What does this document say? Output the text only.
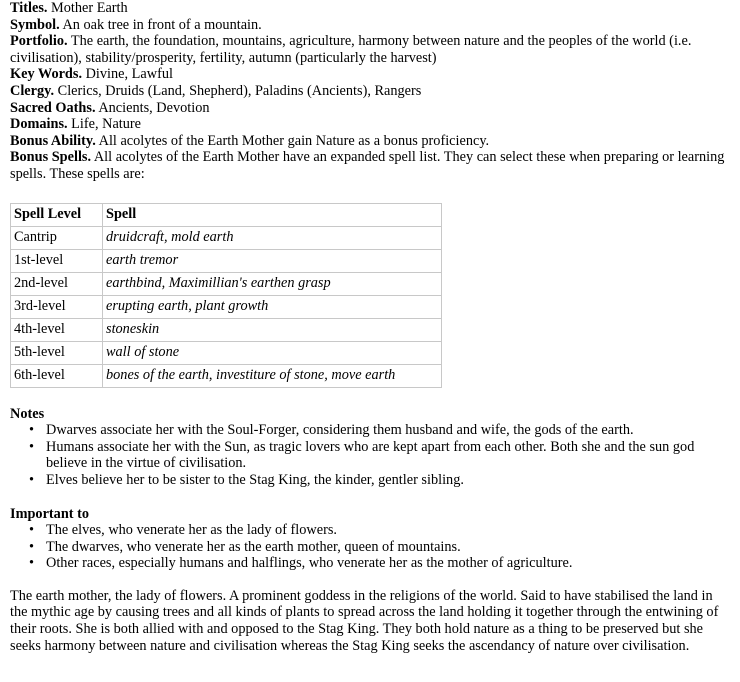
Titles. Mother Earth
Symbol. An oak tree in front of a mountain.
Portfolio. The earth, the foundation, mountains, agriculture, harmony between nature and the peoples of the world (i.e. civilisation), stability/prosperity, fertility, autumn (particularly the harvest)
Key Words. Divine, Lawful
Clergy. Clerics, Druids (Land, Shepherd), Paladins (Ancients), Rangers
Sacred Oaths. Ancients, Devotion
Domains. Life, Nature
Bonus Ability. All acolytes of the Earth Mother gain Nature as a bonus proficiency.
Bonus Spells. All acolytes of the Earth Mother have an expanded spell list. They can select these when preparing or learning spells. These spells are:
Spell Level	Spell
Cantrip	druidcraft, mold earth
1st-level	earth tremor
2nd-level	earthbind, Maximillian's earthen grasp
3rd-level	erupting earth, plant growth
4th-level	stoneskin
5th-level	wall of stone
6th-level	bones of the earth, investiture of stone, move earth
Notes
• Dwarves associate her with the Soul-Forger, considering them husband and wife, the gods of the earth.
• Humans associate her with the Sun, as tragic lovers who are kept apart from each other. Both she and the sun god believe in the virtue of civilisation.
• Elves believe her to be sister to the Stag King, the kinder, gentler sibling.
Important to
• The elves, who venerate her as the lady of flowers.
• The dwarves, who venerate her as the earth mother, queen of mountains.
• Other races, especially humans and halflings, who venerate her as the mother of agriculture.

The earth mother, the lady of flowers. A prominent goddess in the religions of the world. Said to have stabilised the land in the mythic age by causing trees and all kinds of plants to spread across the land holding it together through the entwining of their roots. She is both allied with and opposed to the Stag King. They both hold nature as a thing to be preserved but she seeks harmony between nature and civilisation whereas the Stag King seeks the ascendancy of nature over civilisation.
